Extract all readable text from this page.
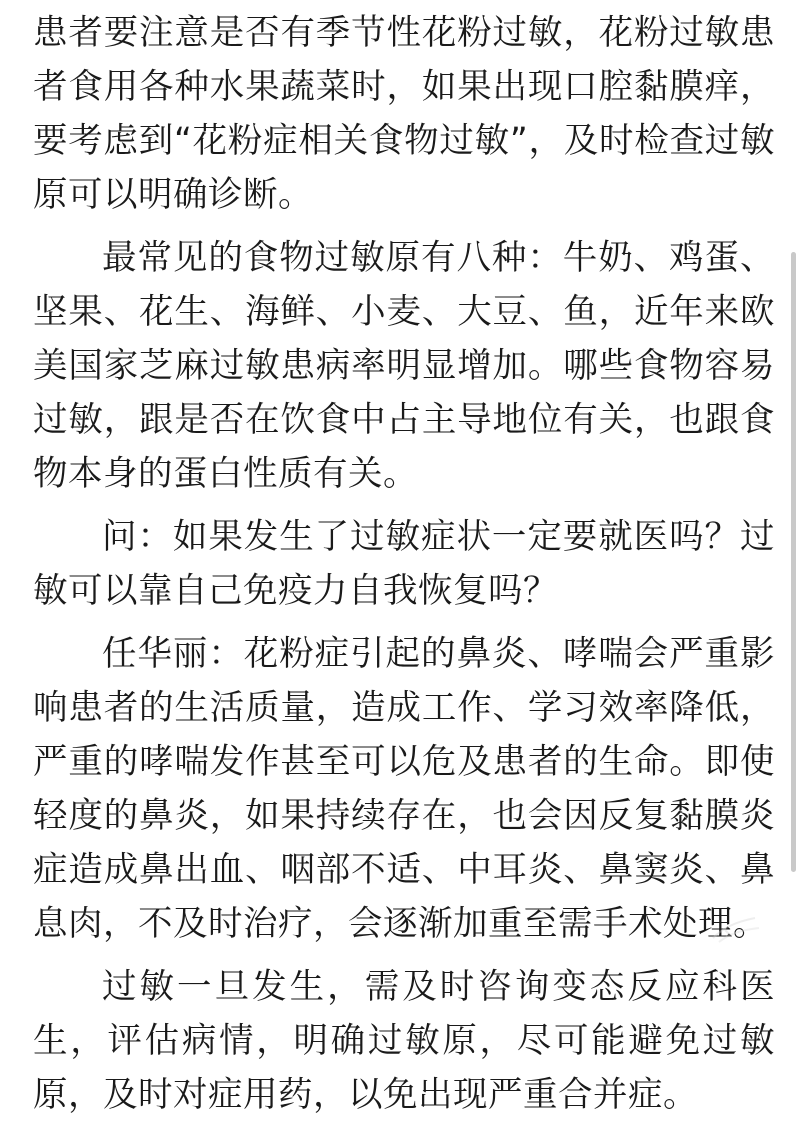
患者要注意是否有季节性花粉过敏，花粉过敏患者食用各种水果蔬菜时，如果出现口腔黏膜痒，要考虑到“花粉症相关食物过敏”，及时检查过敏原可以明确诊断。

最常见的食物过敏原有八种：牛奶、鸡蛋、坚果、花生、海鲜、小麦、大豆、鱼，近年来欧美国家芝麻过敏患病率明显增加。哪些食物容易过敏，跟是否在饮食中占主导地位有关，也跟食物本身的蛋白性质有关。

问：如果发生了过敏症状一定要就医吗？过敏可以靠自己免疫力自我恢复吗？

任华丽：花粉症引起的鼻炎、哮喘会严重影响患者的生活质量，造成工作、学习效率降低，严重的哮喘发作甚至可以危及患者的生命。即使轻度的鼻炎，如果持续存在，也会因反复黏膜炎症造成鼻出血、咽部不适、中耳炎、鼻窦炎、鼻息肉，不及时治疗，会逐渐加重至需手术处理。

过敏一旦发生，需及时咨询变态反应科医生，评估病情，明确过敏原，尽可能避免过敏原，及时对症用药，以免出现严重合并症。
